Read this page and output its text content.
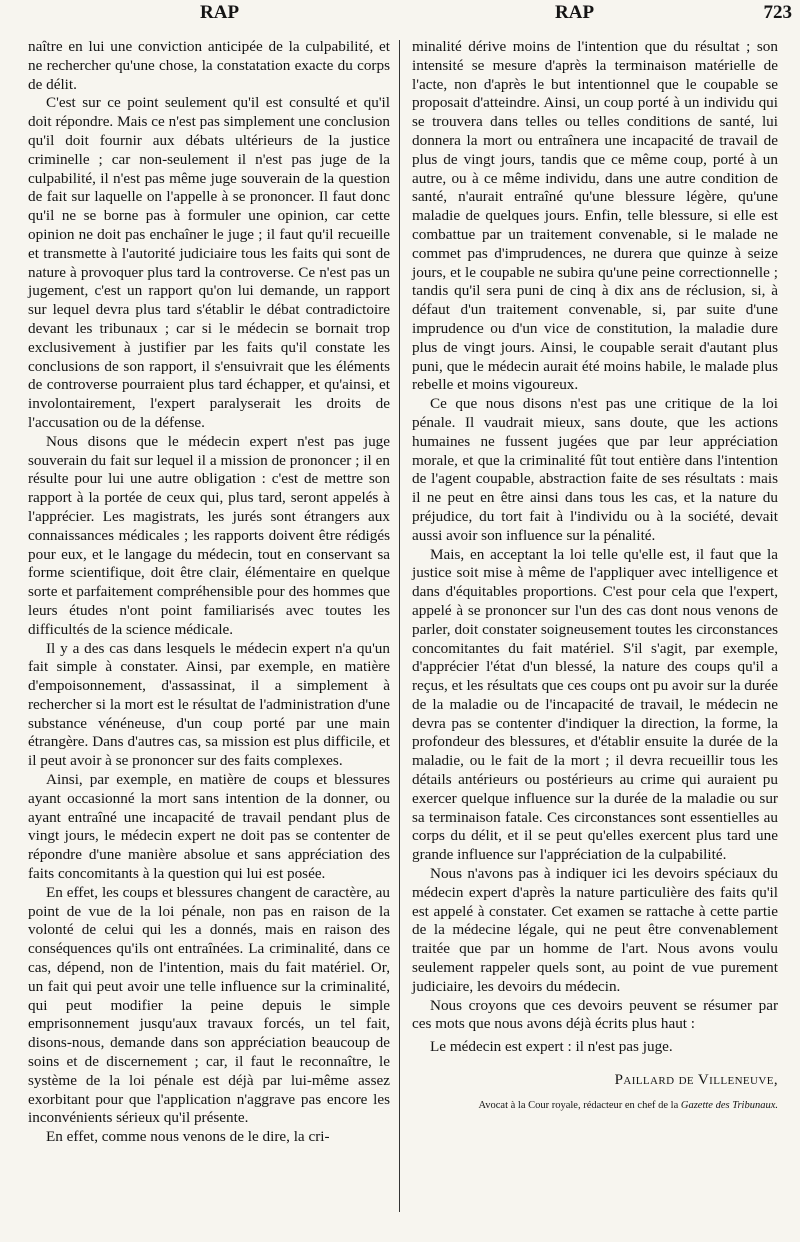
RAP	RAP	723

naître en lui une conviction anticipée de la culpabilité, et ne rechercher qu'une chose, la constatation exacte du corps de délit.

C'est sur ce point seulement qu'il est consulté et qu'il doit répondre. Mais ce n'est pas simplement une conclusion qu'il doit fournir aux débats ultérieurs de la justice criminelle ; car non-seulement il n'est pas juge de la culpabilité, il n'est pas même juge souverain de la question de fait sur laquelle on l'appelle à se prononcer. Il faut donc qu'il ne se borne pas à formuler une opinion, car cette opinion ne doit pas enchaîner le juge ; il faut qu'il recueille et transmette à l'autorité judiciaire tous les faits qui sont de nature à provoquer plus tard la controverse. Ce n'est pas un jugement, c'est un rapport qu'on lui demande, un rapport sur lequel devra plus tard s'établir le débat contradictoire devant les tribunaux ; car si le médecin se bornait trop exclusivement à justifier par les faits qu'il constate les conclusions de son rapport, il s'ensuivrait que les éléments de controverse pourraient plus tard échapper, et qu'ainsi, et involontairement, l'expert paralyserait les droits de l'accusation ou de la défense.

Nous disons que le médecin expert n'est pas juge souverain du fait sur lequel il a mission de prononcer ; il en résulte pour lui une autre obligation : c'est de mettre son rapport à la portée de ceux qui, plus tard, seront appelés à l'apprécier. Les magistrats, les jurés sont étrangers aux connaissances médicales ; les rapports doivent être rédigés pour eux, et le langage du médecin, tout en conservant sa forme scientifique, doit être clair, élémentaire en quelque sorte et parfaitement compréhensible pour des hommes que leurs études n'ont point familiarisés avec toutes les difficultés de la science médicale.

Il y a des cas dans lesquels le médecin expert n'a qu'un fait simple à constater. Ainsi, par exemple, en matière d'empoisonnement, d'assassinat, il a simplement à rechercher si la mort est le résultat de l'administration d'une substance vénéneuse, d'un coup porté par une main étrangère. Dans d'autres cas, sa mission est plus difficile, et il peut avoir à se prononcer sur des faits complexes.

Ainsi, par exemple, en matière de coups et blessures ayant occasionné la mort sans intention de la donner, ou ayant entraîné une incapacité de travail pendant plus de vingt jours, le médecin expert ne doit pas se contenter de répondre d'une manière absolue et sans appréciation des faits concomitants à la question qui lui est posée.

En effet, les coups et blessures changent de caractère, au point de vue de la loi pénale, non pas en raison de la volonté de celui qui les a donnés, mais en raison des conséquences qu'ils ont entraînées. La criminalité, dans ce cas, dépend, non de l'intention, mais du fait matériel. Or, un fait qui peut avoir une telle influence sur la criminalité, qui peut modifier la peine depuis le simple emprisonnement jusqu'aux travaux forcés, un tel fait, disons-nous, demande dans son appréciation beaucoup de soins et de discernement ; car, il faut le reconnaître, le système de la loi pénale est déjà par lui-même assez exorbitant pour que l'application n'aggrave pas encore les inconvénients sérieux qu'il présente.

En effet, comme nous venons de le dire, la cri-

minalité dérive moins de l'intention que du résultat ; son intensité se mesure d'après la terminaison matérielle de l'acte, non d'après le but intentionnel que le coupable se proposait d'atteindre. Ainsi, un coup porté à un individu qui se trouvera dans telles ou telles conditions de santé, lui donnera la mort ou entraînera une incapacité de travail de plus de vingt jours, tandis que ce même coup, porté à un autre, ou à ce même individu, dans une autre condition de santé, n'aurait entraîné qu'une blessure légère, qu'une maladie de quelques jours. Enfin, telle blessure, si elle est combattue par un traitement convenable, si le malade ne commet pas d'imprudences, ne durera que quinze à seize jours, et le coupable ne subira qu'une peine correctionnelle ; tandis qu'il sera puni de cinq à dix ans de réclusion, si, à défaut d'un traitement convenable, si, par suite d'une imprudence ou d'un vice de constitution, la maladie dure plus de vingt jours. Ainsi, le coupable serait d'autant plus puni, que le médecin aurait été moins habile, le malade plus rebelle et moins vigoureux.

Ce que nous disons n'est pas une critique de la loi pénale. Il vaudrait mieux, sans doute, que les actions humaines ne fussent jugées que par leur appréciation morale, et que la criminalité fût tout entière dans l'intention de l'agent coupable, abstraction faite de ses résultats : mais il ne peut en être ainsi dans tous les cas, et la nature du préjudice, du tort fait à l'individu ou à la société, devait aussi avoir son influence sur la pénalité.

Mais, en acceptant la loi telle qu'elle est, il faut que la justice soit mise à même de l'appliquer avec intelligence et dans d'équitables proportions. C'est pour cela que l'expert, appelé à se prononcer sur l'un des cas dont nous venons de parler, doit constater soigneusement toutes les circonstances concomitantes du fait matériel. S'il s'agit, par exemple, d'apprécier l'état d'un blessé, la nature des coups qu'il a reçus, et les résultats que ces coups ont pu avoir sur la durée de la maladie ou de l'incapacité de travail, le médecin ne devra pas se contenter d'indiquer la direction, la forme, la profondeur des blessures, et d'établir ensuite la durée de la maladie, ou le fait de la mort ; il devra recueillir tous les détails antérieurs ou postérieurs au crime qui auraient pu exercer quelque influence sur la durée de la maladie ou sur sa terminaison fatale. Ces circonstances sont essentielles au corps du délit, et il se peut qu'elles exercent plus tard une grande influence sur l'appréciation de la culpabilité.

Nous n'avons pas à indiquer ici les devoirs spéciaux du médecin expert d'après la nature particulière des faits qu'il est appelé à constater. Cet examen se rattache à cette partie de la médecine légale, qui ne peut être convenablement traitée que par un homme de l'art. Nous avons voulu seulement rappeler quels sont, au point de vue purement judiciaire, les devoirs du médecin.

Nous croyons que ces devoirs peuvent se résumer par ces mots que nous avons déjà écrits plus haut :

Le médecin est expert : il n'est pas juge.

Paillard de Villeneuve,
Avocat à la Cour royale, rédacteur en chef de la Gazette des Tribunaux.
